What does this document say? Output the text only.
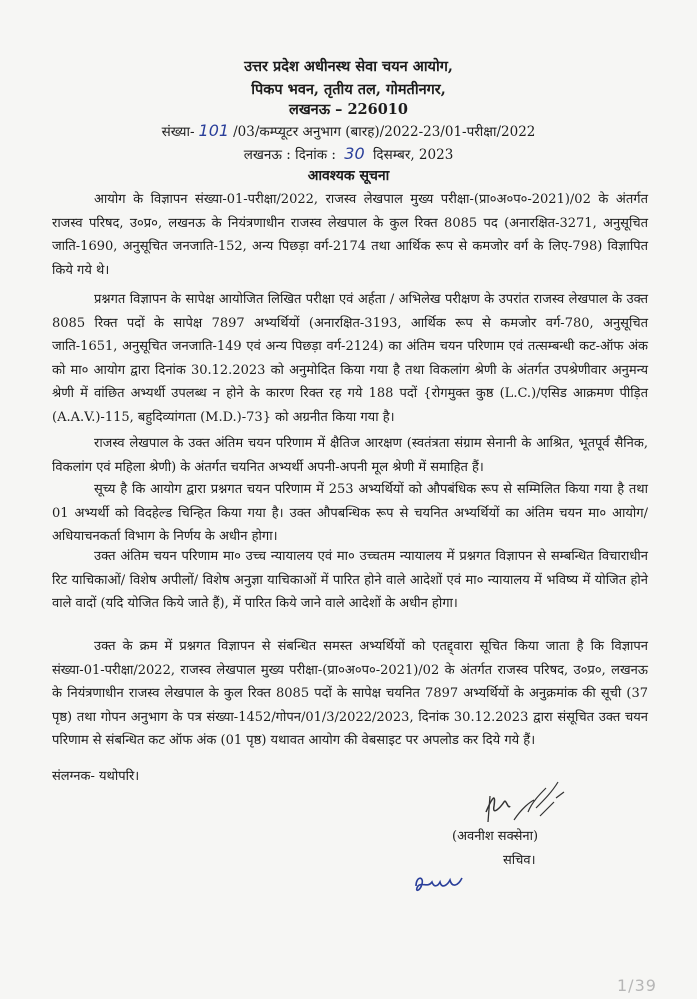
उत्तर प्रदेश अधीनस्थ सेवा चयन आयोग,
पिकप भवन, तृतीय तल, गोमतीनगर,
लखनऊ – 226010
संख्या- 101 /03/कम्प्यूटर अनुभाग (बारह)/2022-23/01-परीक्षा/2022
लखनऊ : दिनांक : 30 दिसम्बर, 2023
आवश्यक सूचना

आयोग के विज्ञापन संख्या-01-परीक्षा/2022, राजस्व लेखपाल मुख्य परीक्षा-(प्रा०अ०प०-2021)/02 के अंतर्गत राजस्व परिषद, उ०प्र०, लखनऊ के नियंत्रणाधीन राजस्व लेखपाल के कुल रिक्त 8085 पद (अनारक्षित-3271, अनुसूचित जाति-1690, अनुसूचित जनजाति-152, अन्य पिछड़ा वर्ग-2174 तथा आर्थिक रूप से कमजोर वर्ग के लिए-798) विज्ञापित किये गये थे।

प्रश्नगत विज्ञापन के सापेक्ष आयोजित लिखित परीक्षा एवं अर्हता / अभिलेख परीक्षण के उपरांत राजस्व लेखपाल के उक्त 8085 रिक्त पदों के सापेक्ष 7897 अभ्यर्थियों (अनारक्षित-3193, आर्थिक रूप से कमजोर वर्ग-780, अनुसूचित जाति-1651, अनुसूचित जनजाति-149 एवं अन्य पिछड़ा वर्ग-2124) का अंतिम चयन परिणाम एवं तत्सम्बन्धी कट-ऑफ अंक को मा० आयोग द्वारा दिनांक 30.12.2023 को अनुमोदित किया गया है तथा विकलांग श्रेणी के अंतर्गत उपश्रेणीवार अनुमन्य श्रेणी में वांछित अभ्यर्थी उपलब्ध न होने के कारण रिक्त रह गये 188 पदों {रोगमुक्त कुष्ठ (L.C.)/एसिड आक्रमण पीड़ित (A.A.V.)-115, बहुदिव्यांगता (M.D.)-73} को अग्रनीत किया गया है।

राजस्व लेखपाल के उक्त अंतिम चयन परिणाम में क्षैतिज आरक्षण (स्वतंत्रता संग्राम सेनानी के आश्रित, भूतपूर्व सैनिक, विकलांग एवं महिला श्रेणी) के अंतर्गत चयनित अभ्यर्थी अपनी-अपनी मूल श्रेणी में समाहित हैं।

सूच्य है कि आयोग द्वारा प्रश्नगत चयन परिणाम में 253 अभ्यर्थियों को औपबंधिक रूप से सम्मिलित किया गया है तथा 01 अभ्यर्थी को विदहेल्ड चिन्हित किया गया है। उक्त औपबन्धिक रूप से चयनित अभ्यर्थियों का अंतिम चयन मा० आयोग/ अधियाचनकर्ता विभाग के निर्णय के अधीन होगा।

उक्त अंतिम चयन परिणाम मा० उच्च न्यायालय एवं मा० उच्चतम न्यायालय में प्रश्नगत विज्ञापन से सम्बन्धित विचाराधीन रिट याचिकाओं/ विशेष अपीलों/ विशेष अनुज्ञा याचिकाओं में पारित होने वाले आदेशों एवं मा० न्यायालय में भविष्य में योजित होने वाले वादों (यदि योजित किये जाते हैं), में पारित किये जाने वाले आदेशों के अधीन होगा।

उक्त के क्रम में प्रश्नगत विज्ञापन से संबन्धित समस्त अभ्यर्थियों को एतद्द्वारा सूचित किया जाता है कि विज्ञापन संख्या-01-परीक्षा/2022, राजस्व लेखपाल मुख्य परीक्षा-(प्रा०अ०प०-2021)/02 के अंतर्गत राजस्व परिषद, उ०प्र०, लखनऊ के नियंत्रणाधीन राजस्व लेखपाल के कुल रिक्त 8085 पदों के सापेक्ष चयनित 7897 अभ्यर्थियों के अनुक्रमांक की सूची (37 पृष्ठ) तथा गोपन अनुभाग के पत्र संख्या-1452/गोपन/01/3/2022/2023, दिनांक 30.12.2023 द्वारा संसूचित उक्त चयन परिणाम से संबन्धित कट ऑफ अंक (01 पृष्ठ) यथावत आयोग की वेबसाइट पर अपलोड कर दिये गये हैं।

संलग्नक- यथोपरि।
(अवनीश सक्सेना)
सचिव।
1/39
